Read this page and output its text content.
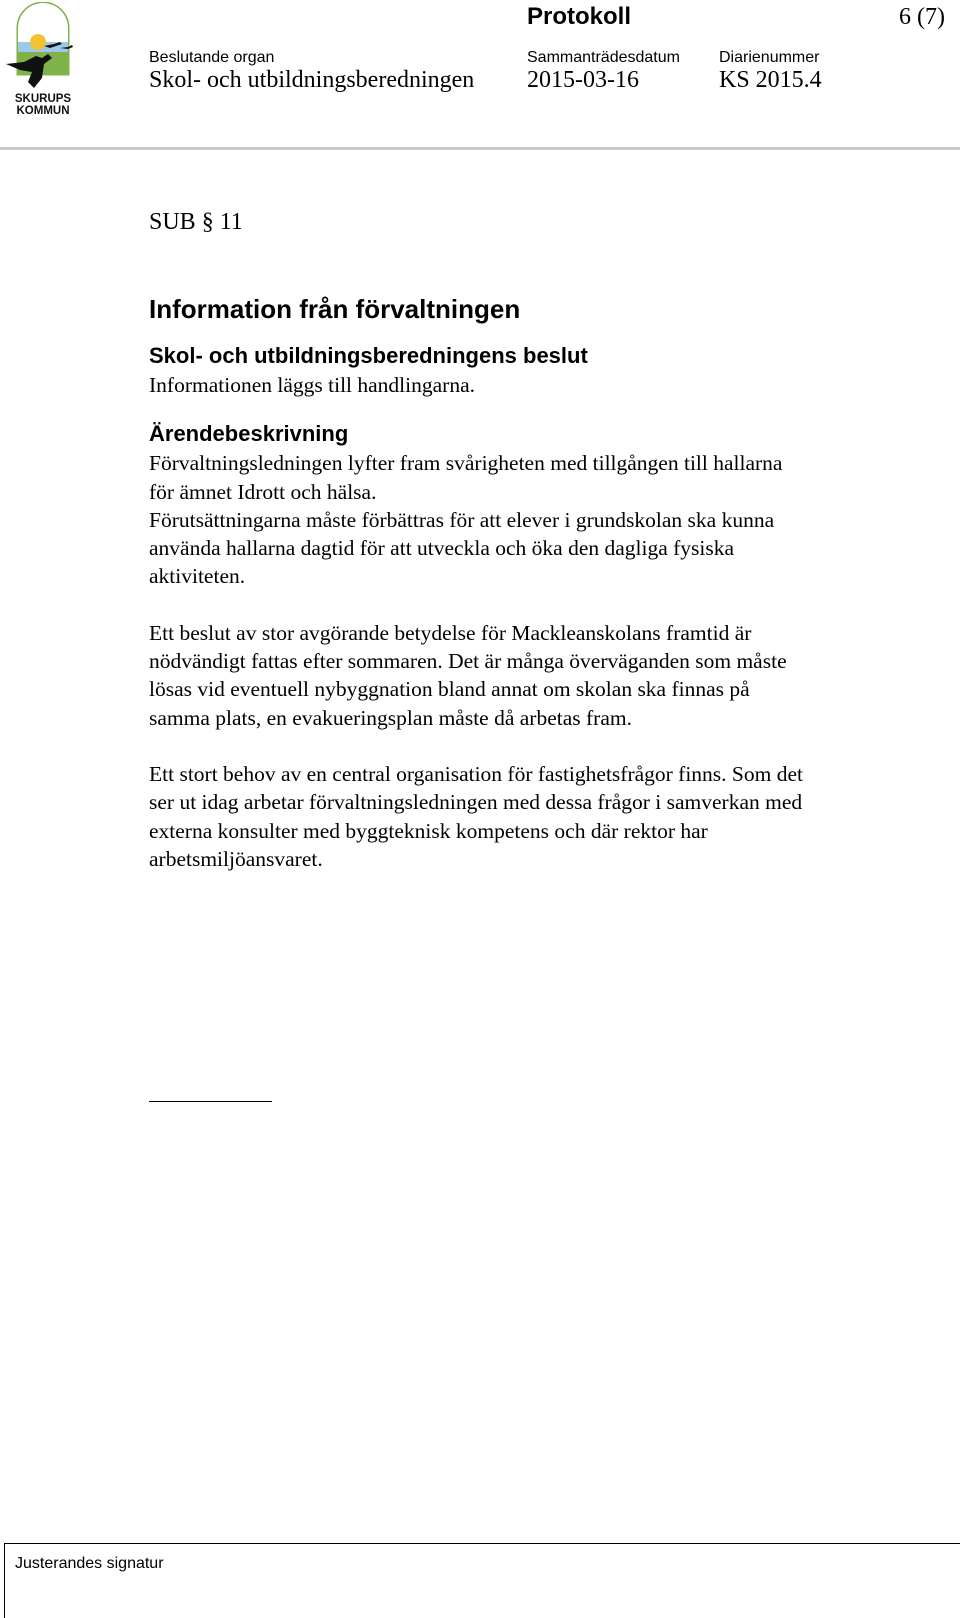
SKURUPS
KOMMUN
Protokoll	6 (7)
Beslutande organ
Skol- och utbildningsberedningen
Sammanträdesdatum
2015-03-16
Diarienummer
KS 2015.4

SUB § 11

Information från förvaltningen
Skol- och utbildningsberedningens beslut

Informationen läggs till handlingarna.

Ärendebeskrivning

Förvaltningsledningen lyfter fram svårigheten med tillgången till hallarna
för ämnet Idrott och hälsa.
Förutsättningarna måste förbättras för att elever i grundskolan ska kunna
använda hallarna dagtid för att utveckla och öka den dagliga fysiska
aktiviteten.

Ett beslut av stor avgörande betydelse för Mackleanskolans framtid är
nödvändigt fattas efter sommaren. Det är många överväganden som måste
lösas vid eventuell nybyggnation bland annat om skolan ska finnas på
samma plats, en evakueringsplan måste då arbetas fram.

Ett stort behov av en central organisation för fastighetsfrågor finns. Som det
ser ut idag arbetar förvaltningsledningen med dessa frågor i samverkan med
externa konsulter med byggteknisk kompetens och där rektor har
arbetsmiljöansvaret.

Justerandes signatur
